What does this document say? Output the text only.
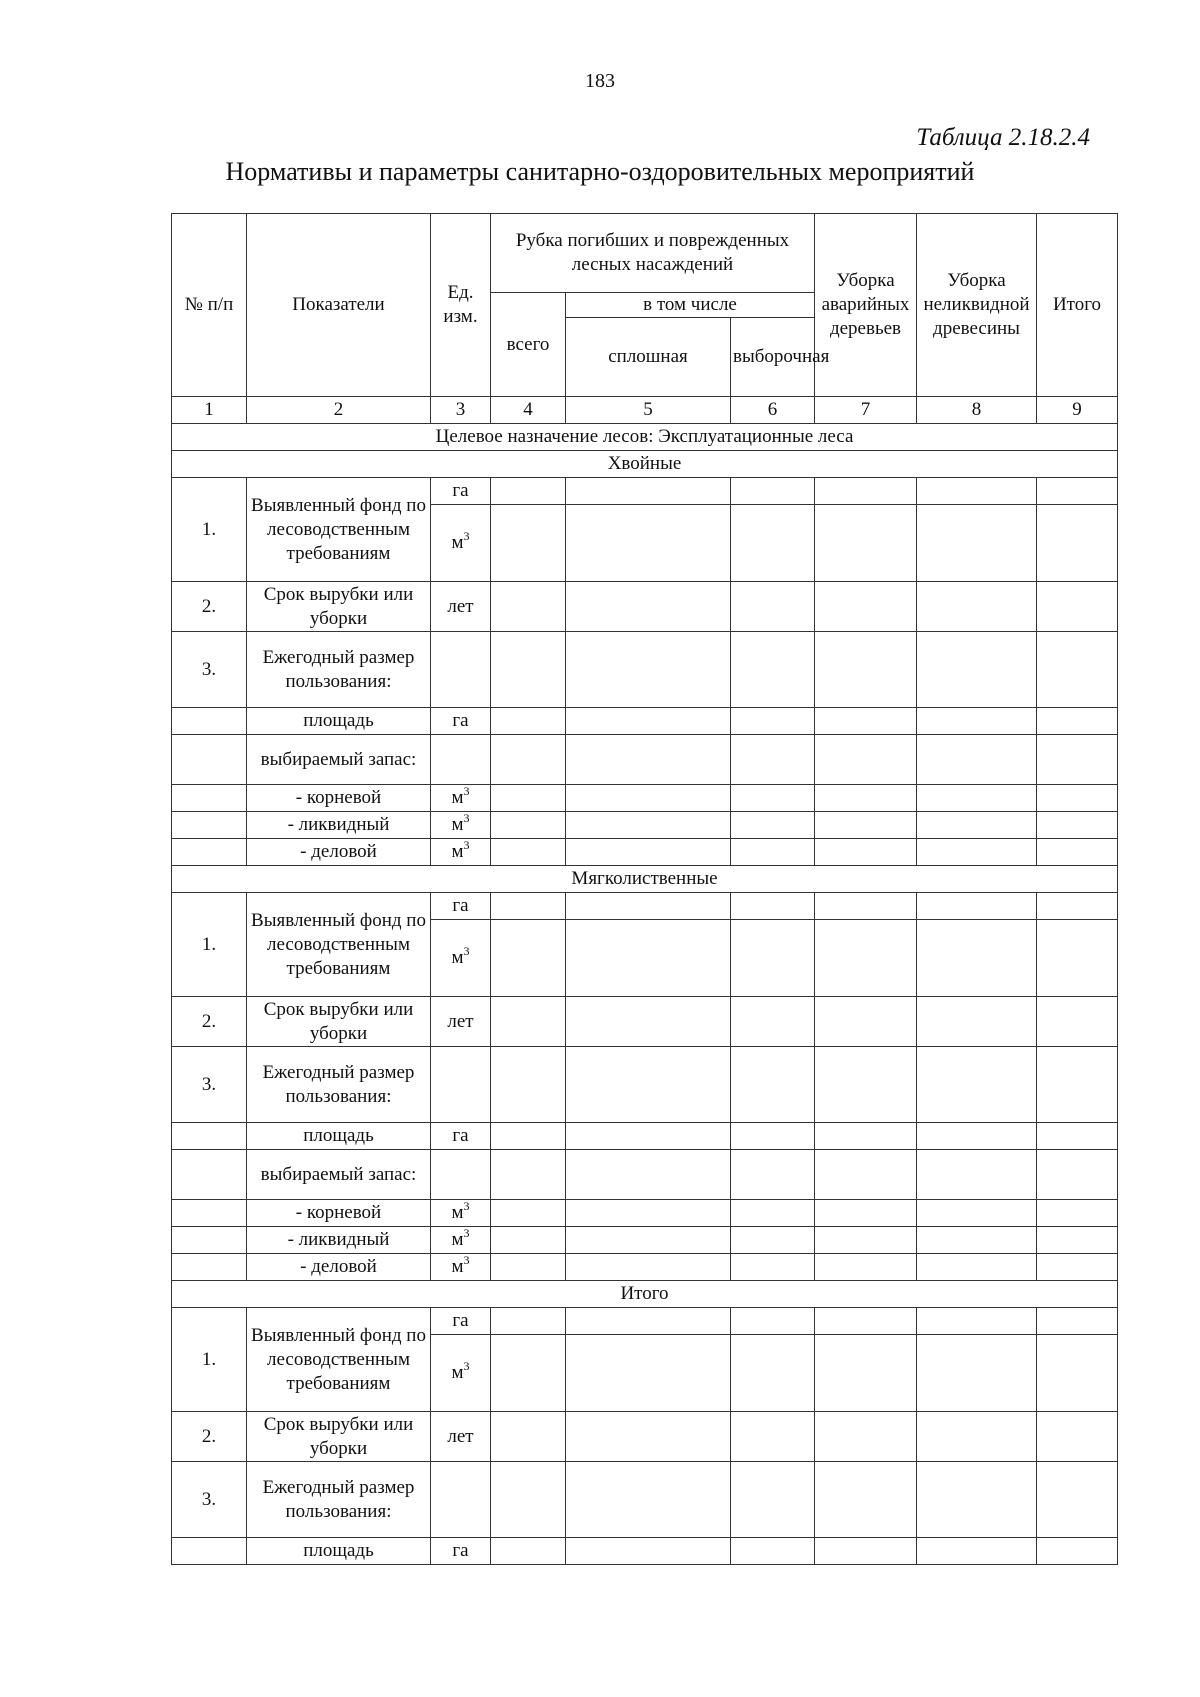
183
Таблица 2.18.2.4
Нормативы и параметры санитарно-оздоровительных мероприятий
№ п/п	Показатели	Ед. изм.	Рубка погибших и поврежденных лесных насаждений			Уборка аварийных деревьев	Уборка неликвидной древесины	Итого
			всего	в том числе				
				сплошная	выборочная			
1	2	3	4	5	6	7	8	9
Целевое назначение лесов: Эксплуатационные леса								
Хвойные								
1.	Выявленный фонд по лесоводственным требованиям	га						
		$м^3$						
2.	Срок вырубки или уборки	лет						
3.	Ежегодный размер пользования:							
	площадь	га						
	выбираемый запас:							
	- корневой	$м^3$						
	- ликвидный	$м^3$						
	- деловой	$м^3$						
Мягколиственные								
1.	Выявленный фонд по лесоводственным требованиям	га						
		$м^3$						
2.	Срок вырубки или уборки	лет						
3.	Ежегодный размер пользования:							
	площадь	га						
	выбираемый запас:							
	- корневой	$м^3$						
	- ликвидный	$м^3$						
	- деловой	$м^3$						
Итого								
1.	Выявленный фонд по лесоводственным требованиям	га						
		$м^3$						
2.	Срок вырубки или уборки	лет						
3.	Ежегодный размер пользования:							
	площадь	га						
